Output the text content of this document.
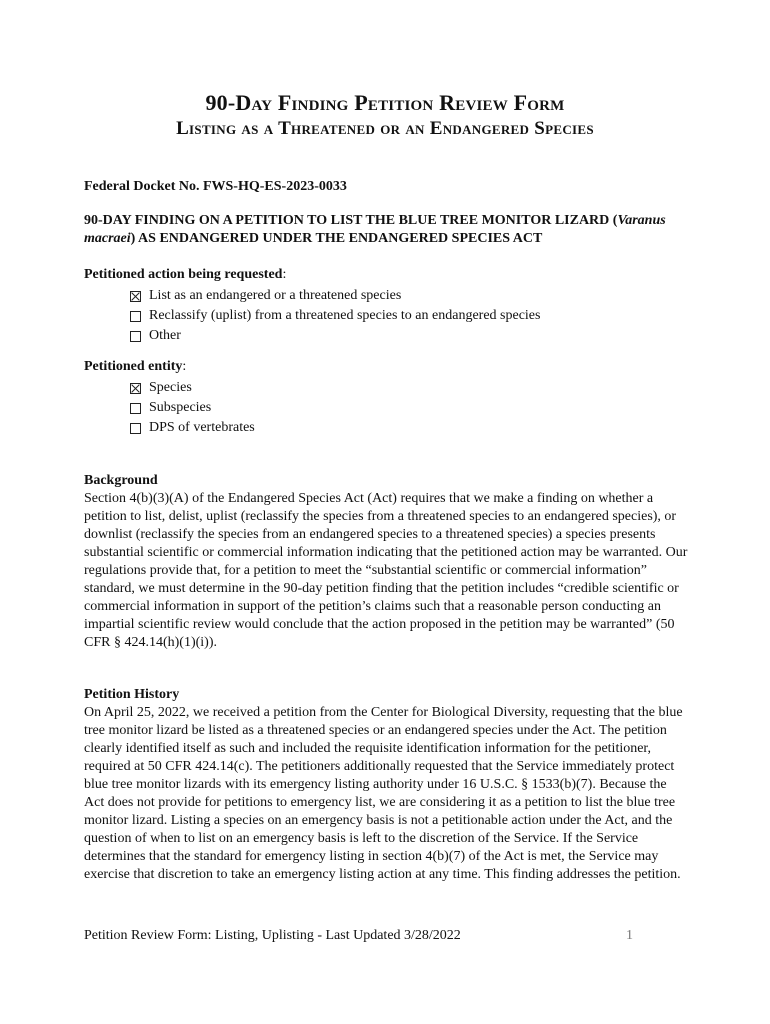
90-Day Finding Petition Review Form
Listing as a Threatened or an Endangered Species
Federal Docket No. FWS-HQ-ES-2023-0033
90-DAY FINDING ON A PETITION TO LIST THE BLUE TREE MONITOR LIZARD (Varanus macraei) AS ENDANGERED UNDER THE ENDANGERED SPECIES ACT
Petitioned action being requested:
List as an endangered or a threatened species
Reclassify (uplist) from a threatened species to an endangered species
Other
Petitioned entity:
Species
Subspecies
DPS of vertebrates
Background
Section 4(b)(3)(A) of the Endangered Species Act (Act) requires that we make a finding on whether a petition to list, delist, uplist (reclassify the species from a threatened species to an endangered species), or downlist (reclassify the species from an endangered species to a threatened species) a species presents substantial scientific or commercial information indicating that the petitioned action may be warranted. Our regulations provide that, for a petition to meet the “substantial scientific or commercial information” standard, we must determine in the 90-day petition finding that the petition includes “credible scientific or commercial information in support of the petition’s claims such that a reasonable person conducting an impartial scientific review would conclude that the action proposed in the petition may be warranted” (50 CFR § 424.14(h)(1)(i)).
Petition History
On April 25, 2022, we received a petition from the Center for Biological Diversity, requesting that the blue tree monitor lizard be listed as a threatened species or an endangered species under the Act. The petition clearly identified itself as such and included the requisite identification information for the petitioner, required at 50 CFR 424.14(c). The petitioners additionally requested that the Service immediately protect blue tree monitor lizards with its emergency listing authority under 16 U.S.C. § 1533(b)(7). Because the Act does not provide for petitions to emergency list, we are considering it as a petition to list the blue tree monitor lizard. Listing a species on an emergency basis is not a petitionable action under the Act, and the question of when to list on an emergency basis is left to the discretion of the Service. If the Service determines that the standard for emergency listing in section 4(b)(7) of the Act is met, the Service may exercise that discretion to take an emergency listing action at any time. This finding addresses the petition.
Petition Review Form: Listing, Uplisting - Last Updated 3/28/2022	1
